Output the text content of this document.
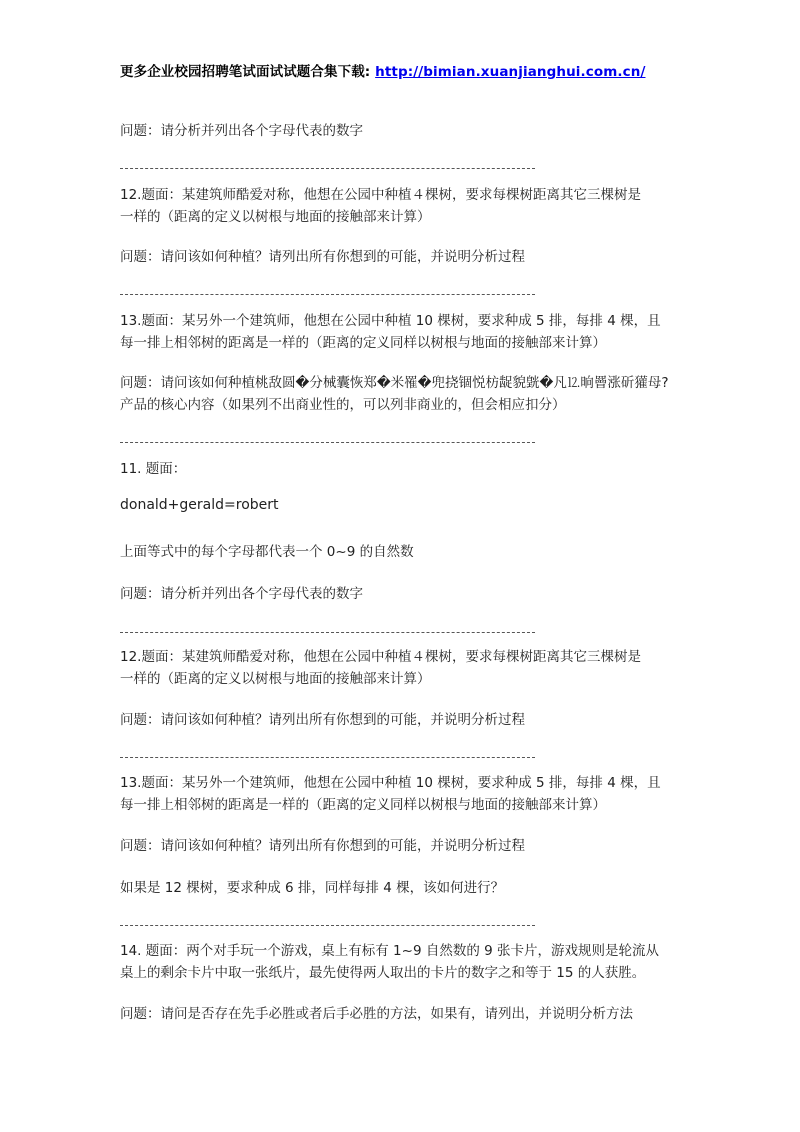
更多企业校园招聘笔试面试试题合集下载: http://bimian.xuanjianghui.com.cn/
问题：请分析并列出各个字母代表的数字
12.题面：某建筑师酷爱对称，他想在公园中种植４棵树，要求每棵树距离其它三棵树是
一样的（距离的定义以树根与地面的接触部来计算）
问题：请问该如何种植？请列出所有你想到的可能，并说明分析过程
13.题面：某另外一个建筑师，他想在公园中种植 10 棵树，要求种成 5 排，每排 4 棵，且
每一排上相邻树的距离是一样的（距离的定义同样以树根与地面的接触部来计算）
问题：请问该如何种植桃敌圆�分械囊恢郑�米罹�兜挠锢悦枋龊貌皝�凡⒓晌罾涨斫獾母?
产品的核心内容（如果列不出商业性的，可以列非商业的，但会相应扣分）
11. 题面：
donald+gerald=robert
上面等式中的每个字母都代表一个 0~9 的自然数
问题：请分析并列出各个字母代表的数字
12.题面：某建筑师酷爱对称，他想在公园中种植４棵树，要求每棵树距离其它三棵树是
一样的（距离的定义以树根与地面的接触部来计算）
问题：请问该如何种植？请列出所有你想到的可能，并说明分析过程
13.题面：某另外一个建筑师，他想在公园中种植 10 棵树，要求种成 5 排，每排 4 棵，且
每一排上相邻树的距离是一样的（距离的定义同样以树根与地面的接触部来计算）
问题：请问该如何种植？请列出所有你想到的可能，并说明分析过程
如果是 12 棵树，要求种成 6 排，同样每排 4 棵，该如何进行？
14. 题面：两个对手玩一个游戏，桌上有标有 1~9 自然数的 9 张卡片，游戏规则是轮流从
桌上的剩余卡片中取一张纸片，最先使得两人取出的卡片的数字之和等于 15 的人获胜。
问题：请问是否存在先手必胜或者后手必胜的方法，如果有，请列出，并说明分析方法
